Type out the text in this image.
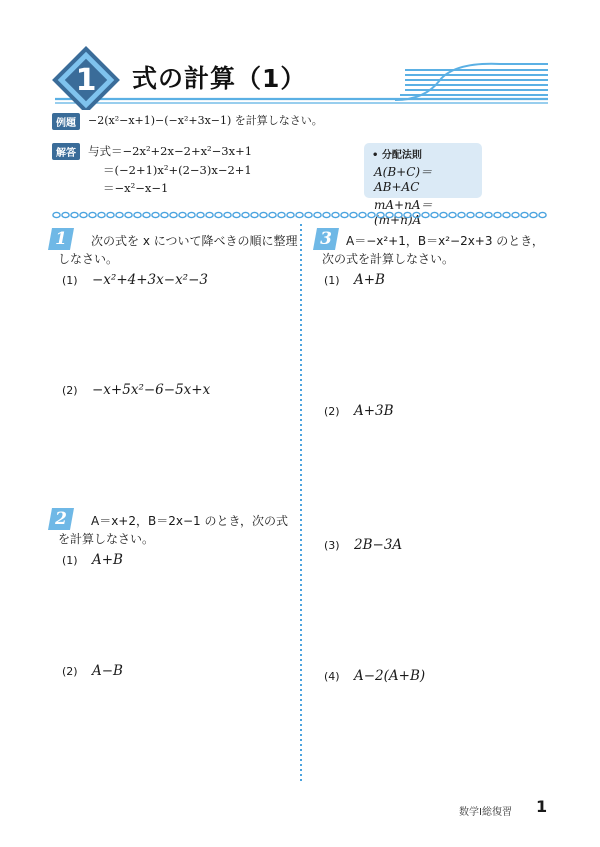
1	式の計算（1）
例題	−2(x²−x+1)−(−x²+3x−1) を計算しなさい。
解答	与式＝−2x²+2x−2+x²−3x+1
＝(−2+1)x²+(2−3)x−2+1
＝−x²−x−1
• 分配法則
A(B+C)＝AB+AC
mA+nA＝(m+n)A
1	次の式を x について降べきの順に整理
しなさい。
(1) −x²+4+3x−x²−3
(2) −x+5x²−6−5x+x
2	A＝x+2，B＝2x−1 のとき，次の式
を計算しなさい。
(1) A+B
(2) A−B
3	A＝−x²+1，B＝x²−2x+3 のとき，
次の式を計算しなさい。
(1) A+B
(2) A+3B
(3) 2B−3A
(4) A−2(A+B)
数学Ⅰ総復習 1
